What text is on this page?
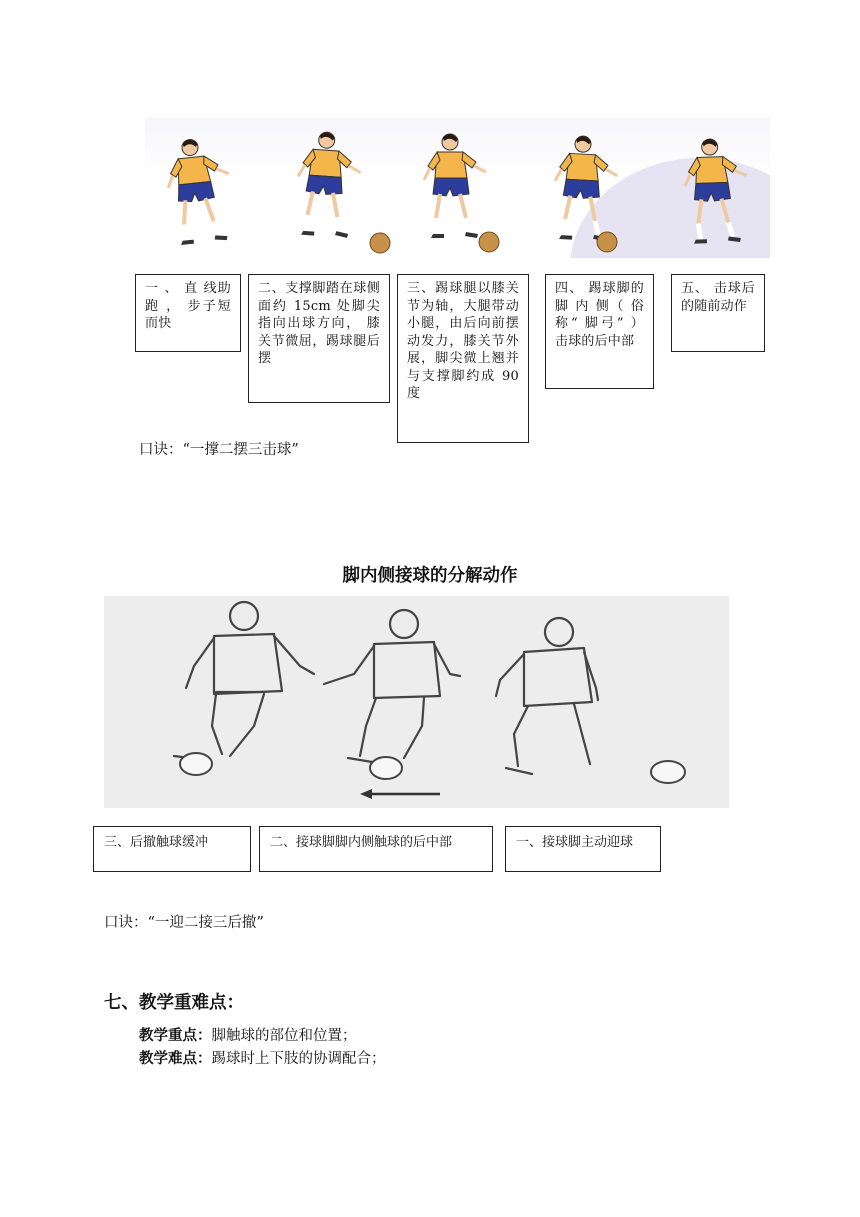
一 、 直 线助 跑 ， 步子短而快
二、支撑脚踏在球侧面约 15cm 处脚尖指向出球方向， 膝关节微屈，踢球腿后摆
三、踢球腿以膝关节为轴，大腿带动小腿，由后向前摆动发力，膝关节外展，脚尖微上翘并与支撑脚约成 90 度
四、 踢球脚的 脚 内 侧（ 俗称“ 脚弓” ） 击球的后中部
五、 击球后的随前动作
口诀：“一撑二摆三击球”
脚内侧接球的分解动作
三、后撤触球缓冲	二、接球脚脚内侧触球的后中部	一、接球脚主动迎球
口诀：“一迎二接三后撤”
七、教学重难点：
教学重点：脚触球的部位和位置；
教学难点：踢球时上下肢的协调配合；
